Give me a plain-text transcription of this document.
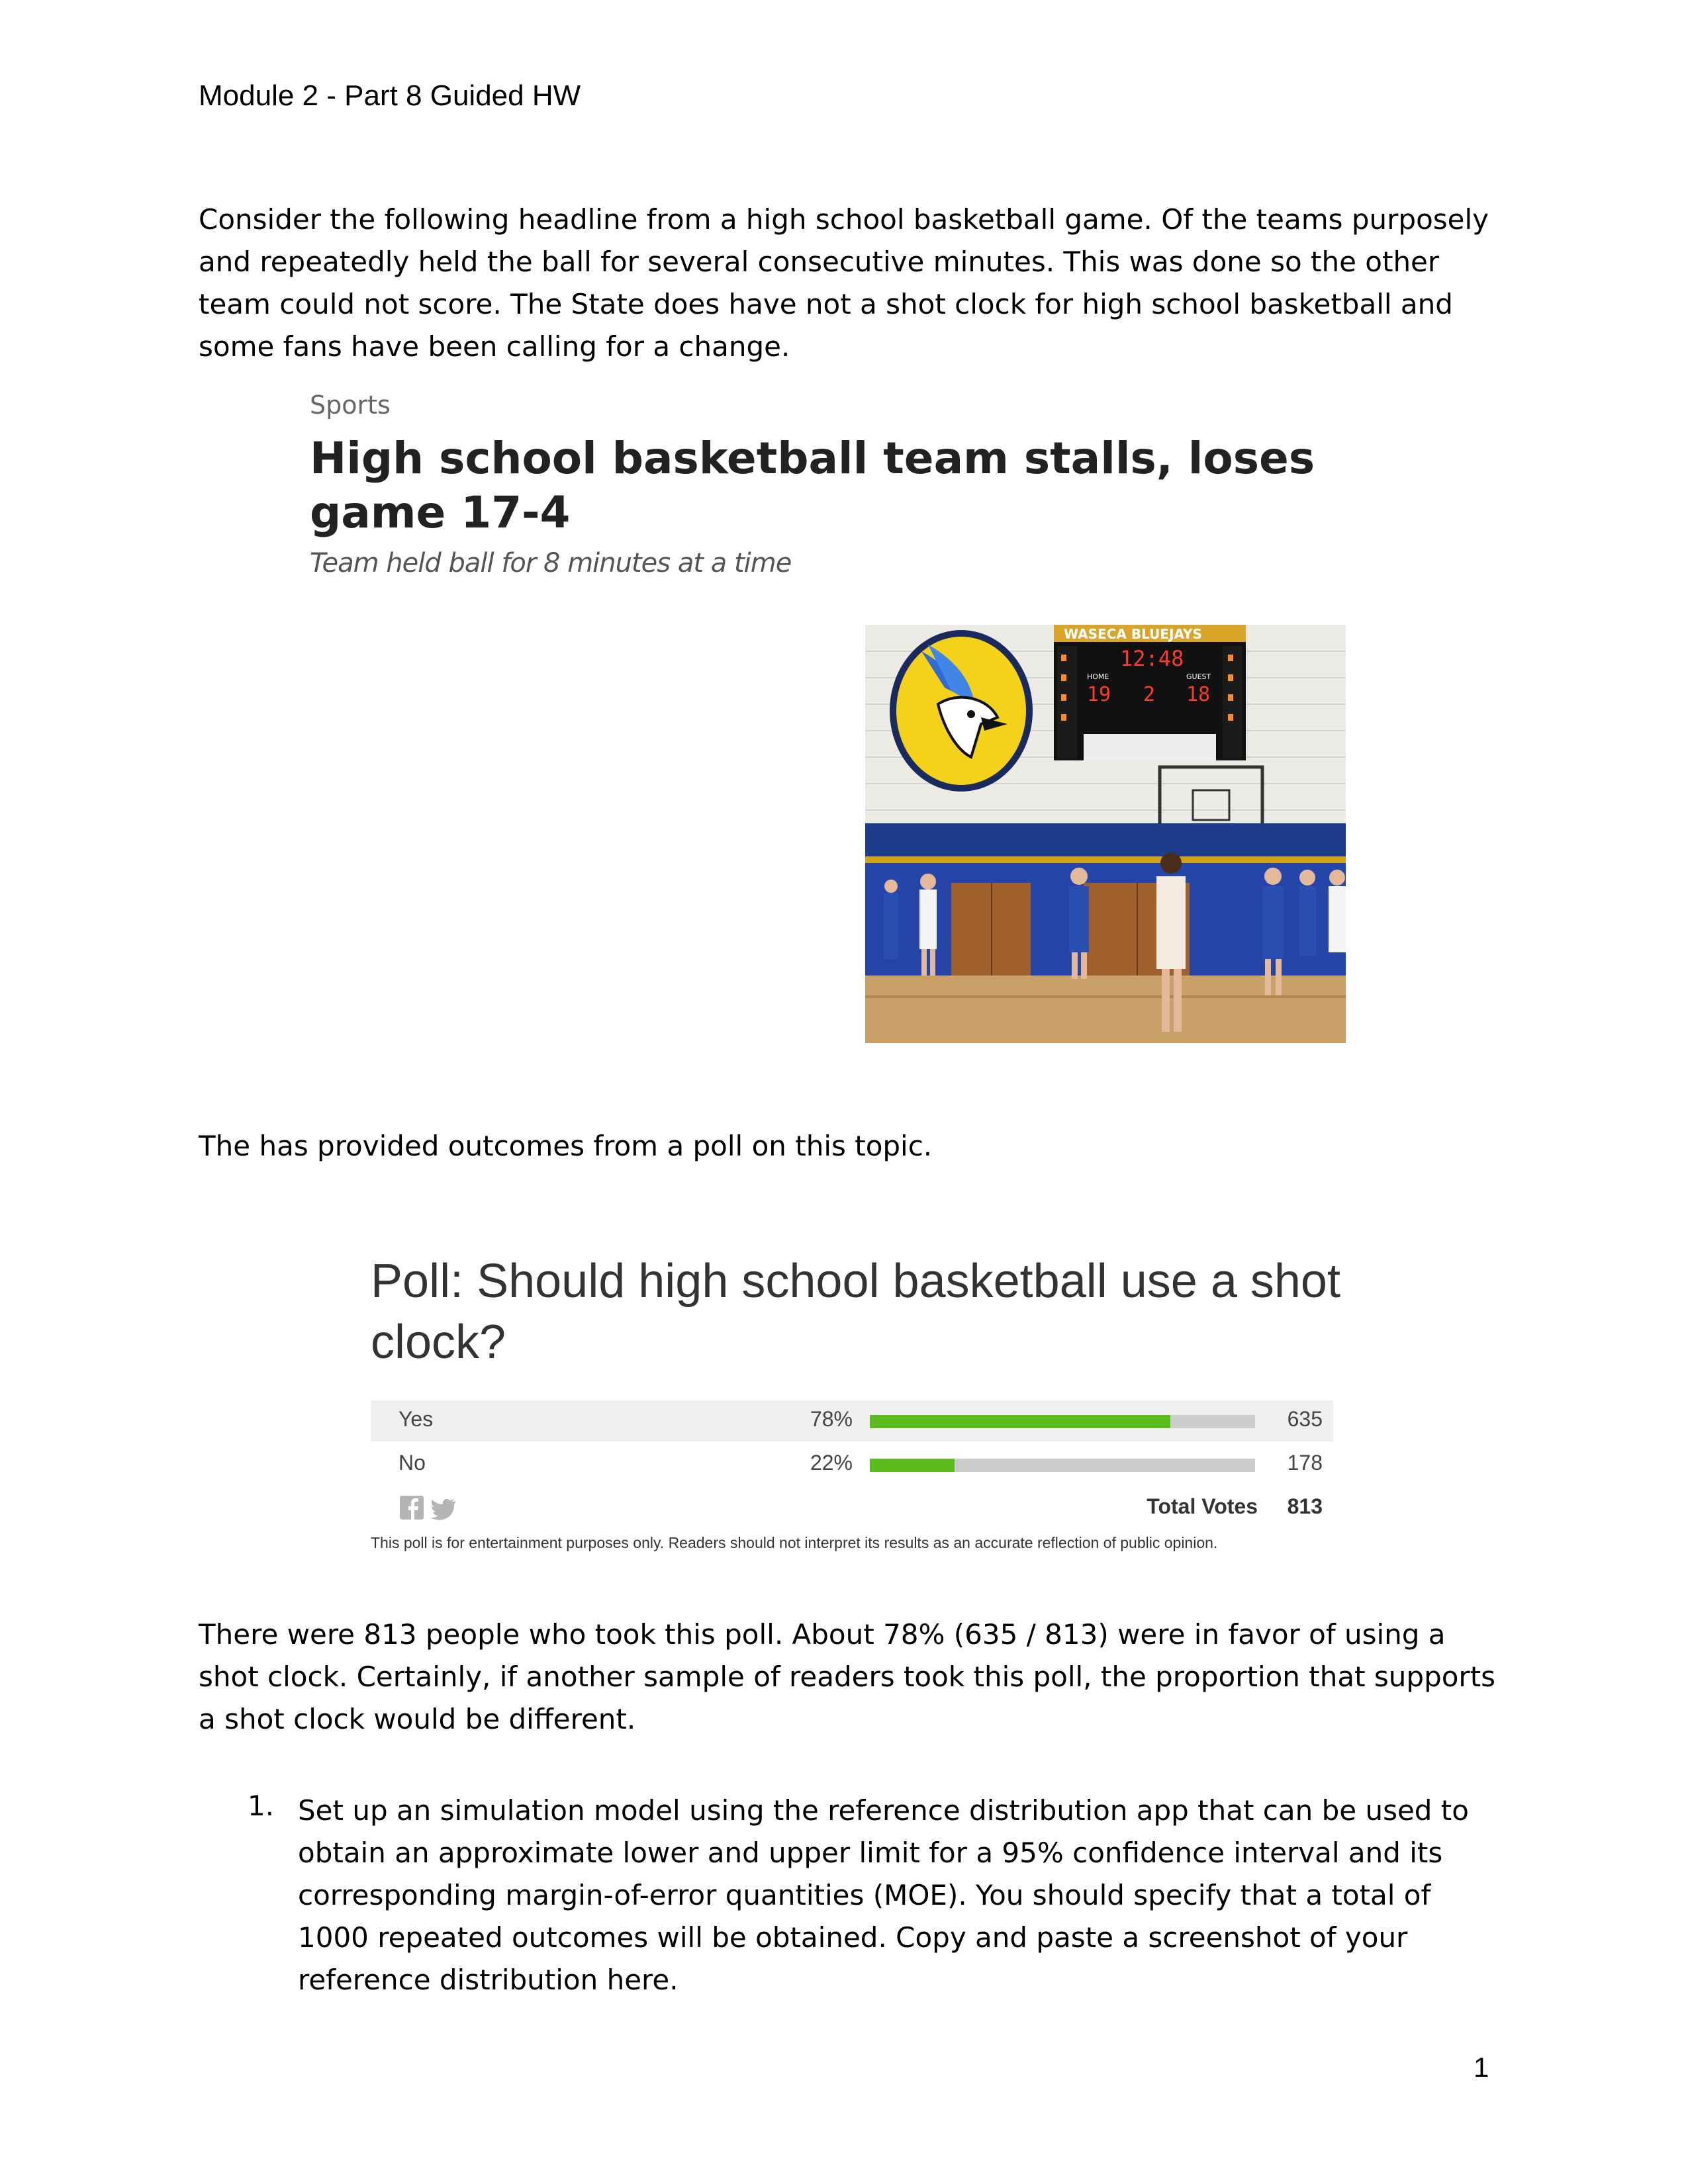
Module 2 - Part 8 Guided HW
Consider the following headline from a high school basketball game. Of the teams purposely and repeatedly held the ball for several consecutive minutes. This was done so the other team could not score. The State does have not a shot clock for high school basketball and some fans have been calling for a change.
Sports
High school basketball team stalls, loses game 17-4
Team held ball for 8 minutes at a time
WASECA BLUEJAYS
12:48
HOME	GUEST
19 2 18
The has provided outcomes from a poll on this topic.
Poll: Should high school basketball use a shot clock?
Yes	78%	635
No	22%	178
Total Votes	813
This poll is for entertainment purposes only. Readers should not interpret its results as an accurate reflection of public opinion.
There were 813 people who took this poll. About 78% (635 / 813) were in favor of using a shot clock. Certainly, if another sample of readers took this poll, the proportion that supports a shot clock would be different.
1. Set up an simulation model using the reference distribution app that can be used to obtain an approximate lower and upper limit for a 95% confidence interval and its corresponding margin-of-error quantities (MOE). You should specify that a total of 1000 repeated outcomes will be obtained. Copy and paste a screenshot of your reference distribution here.
1
